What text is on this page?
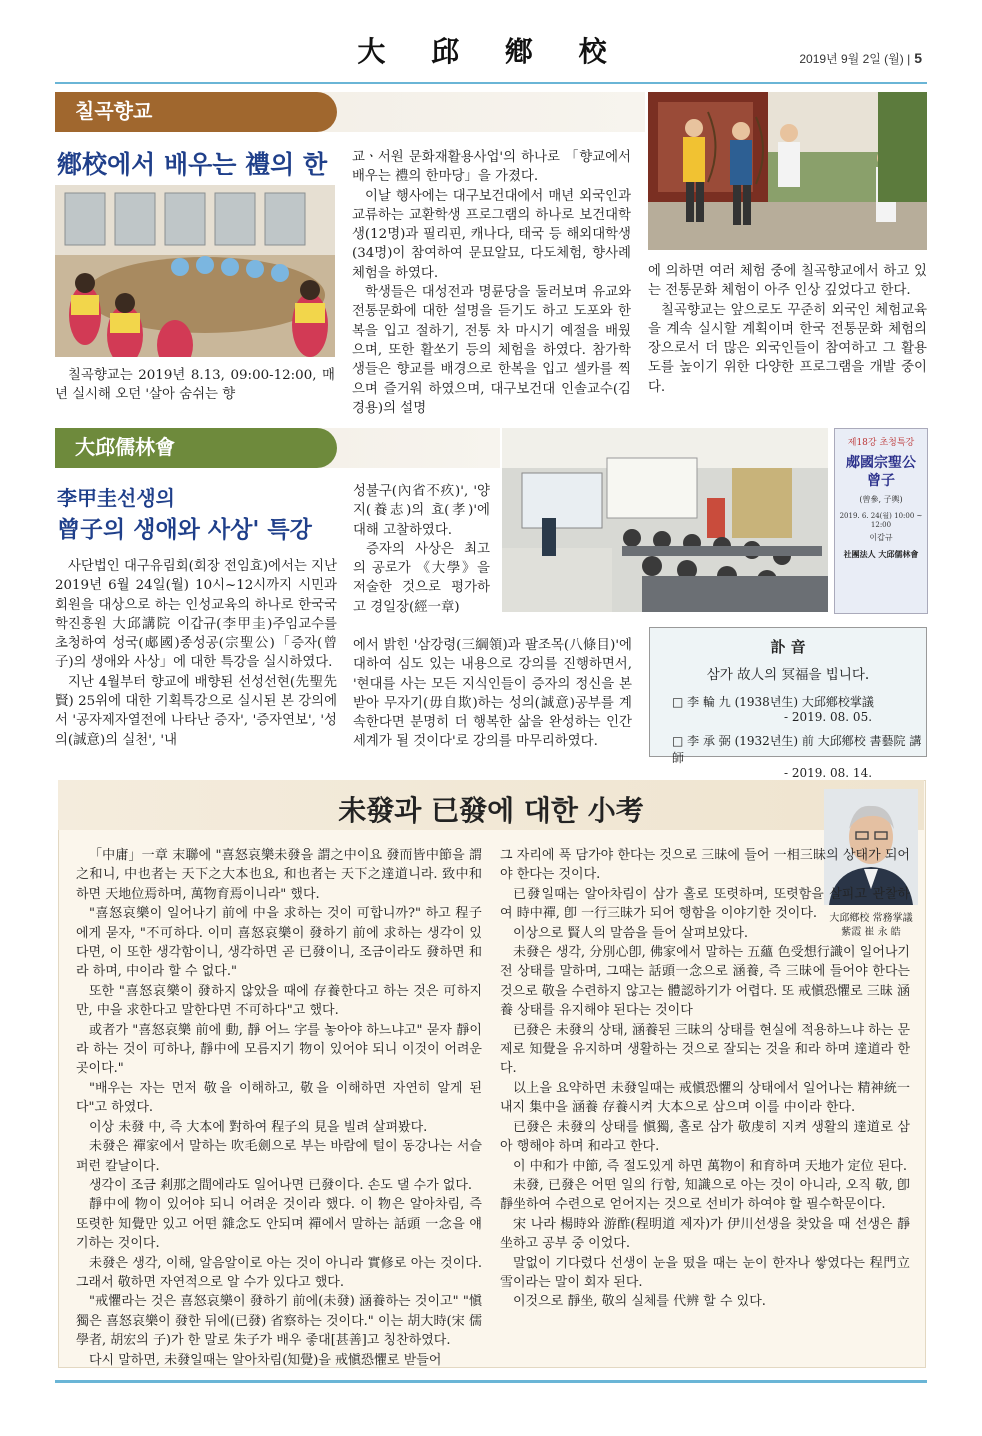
大 邱 鄕 校	2019년 9월 2일 (월) | 5
칠곡향교
鄕校에서 배우는 禮의 한

칠곡향교는 2019년 8.13, 09:00-12:00, 매년 실시해 오던 '살아 숨쉬는 향

교ㆍ서원 문화재활용사업'의 하나로 「향교에서 배우는 禮의 한마당」을 가졌다.

이날 행사에는 대구보건대에서 매년 외국인과 교류하는 교환학생 프로그램의 하나로 보건대학생(12명)과 필리핀, 캐나다, 태국 등 해외대학생(34명)이 참여하여 문묘알묘, 다도체험, 향사례 체험을 하였다.

학생들은 대성전과 명륜당을 둘러보며 유교와 전통문화에 대한 설명을 듣기도 하고 도포와 한복을 입고 절하기, 전통 차 마시기 예절을 배웠으며, 또한 활쏘기 등의 체험을 하였다. 참가학생들은 향교를 배경으로 한복을 입고 셀카를 찍으며 즐거워 하였으며, 대구보건대 인솔교수(김경용)의 설명

에 의하면 여러 체험 중에 칠곡향교에서 하고 있는 전통문화 체험이 아주 인상 깊었다고 한다.

칠곡향교는 앞으로도 꾸준히 외국인 체험교육을 계속 실시할 계획이며 한국 전통문화 체험의 장으로서 더 많은 외국인들이 참여하고 그 활용도를 높이기 위한 다양한 프로그램을 개발 중이다.

大邱儒林會
李甲圭선생의
曾子의 생애와 사상' 특강

사단법인 대구유림회(회장 전임효)에서는 지난 2019년 6월 24일(월) 10시~12시까지 시민과 회원을 대상으로 하는 인성교육의 하나로 한국국학진흥원 大邱講院 이갑규(李甲圭)주임교수를 초청하여 성국(郕國)종성공(宗聖公)「증자(曾子)의 생애와 사상」에 대한 특강을 실시하였다.

지난 4월부터 향교에 배향된 선성선현(先聖先賢) 25위에 대한 기획특강으로 실시된 본 강의에서 '공자제자열전에 나타난 증자', '증자연보', '성의(誠意)의 실천', '내

성불구(內省不疚)', '양지(養志)의 효(孝)'에 대해 고찰하였다.

증자의 사상은 최고의 공로가 《大學》을 저술한 것으로 평가하고 경일장(經一章)

에서 밝힌 '삼강령(三綱領)과 팔조목(八條目)'에 대하여 심도 있는 내용으로 강의를 진행하면서, '현대를 사는 모든 지식인들이 증자의 정신을 본받아 무자기(毋自欺)하는 성의(誠意)공부를 계속한다면 분명히 더 행복한 삶을 완성하는 인간세계가 될 것이다'로 강의를 마무리하였다.

제18강 초청특강
郕國宗聖公 曾子
(曾參, 子輿)
2019. 6. 24(월) 10:00 ~ 12:00
이갑규
社團法人 大邱儒林會
訃 音
삼가 故人의 冥福을 빕니다.
□ 李 輪 九 (1938년生) 大邱鄕校掌議
- 2019. 08. 05.
□ 李 承 弼 (1932년生) 前 大邱鄕校 書藝院 講師
- 2019. 08. 14.
未發과 已發에 대한 小考
大邱鄕校 常務掌議
紫霞 崔 永 皓

「中庸」一章 末聯에 "喜怒哀樂未發을 謂之中이요 發而皆中節을 謂之和니, 中也者는 天下之大本也요, 和也者는 天下之達道니라. 致中和하면 天地位焉하며, 萬物育焉이니라" 했다.

"喜怒哀樂이 일어나기 前에 中을 求하는 것이 可합니까?" 하고 程子에게 묻자, "不可하다. 이미 喜怒哀樂이 發하기 前에 求하는 생각이 있다면, 이 또한 생각함이니, 생각하면 곧 已發이니, 조금이라도 發하면 和라 하며, 中이라 할 수 없다."

또한 "喜怒哀樂이 發하지 않았을 때에 存養한다고 하는 것은 可하지만, 中을 求한다고 말한다면 不可하다"고 했다.

或者가 "喜怒哀樂 前에 動, 靜 어느 字를 놓아야 하느냐고" 묻자 靜이라 하는 것이 可하나, 靜中에 모름지기 物이 있어야 되니 이것이 어려운 곳이다."

"배우는 자는 먼저 敬을 이해하고, 敬을 이해하면 자연히 알게 된다"고 하였다.

이상 未發 中, 즉 大本에 對하여 程子의 見을 빌려 살펴봤다.

未發은 禪家에서 말하는 吹毛劍으로 부는 바람에 털이 동강나는 서슬 퍼런 칼날이다.

생각이 조금 剎那之間에라도 일어나면 已發이다. 손도 댈 수가 없다.

靜中에 物이 있어야 되니 어려운 것이라 했다. 이 物은 알아차림, 즉 또렷한 知覺만 있고 어떤 雜念도 안되며 禪에서 말하는 話頭 一念을 얘기하는 것이다.

未發은 생각, 이해, 알음알이로 아는 것이 아니라 實修로 아는 것이다. 그래서 敬하면 자연적으로 알 수가 있다고 했다.

"戒懼라는 것은 喜怒哀樂이 發하기 前에(未發) 涵養하는 것이고" "愼獨은 喜怒哀樂이 發한 뒤에(已發) 省察하는 것이다." 이는 胡大時(宋 儒學者, 胡宏의 子)가 한 말로 朱子가 배우 좋대[甚善]고 칭찬하였다.

다시 말하면, 未發일때는 알아차림(知覺)을 戒愼恐懼로 받들어

그 자리에 푹 담가야 한다는 것으로 三昧에 들어 一相三昧의 상태가 되어야 한다는 것이다.

已發일때는 알아차림이 삼가 홀로 또렷하며, 또렷함을 살피고 관찰하여 時中禪, 卽 一行三昧가 되어 행함을 이야기한 것이다.

이상으로 賢人의 말씀을 들어 살펴보았다.

未發은 생각, 分別心卽, 佛家에서 말하는 五蘊 色受想行識이 일어나기 전 상태를 말하며, 그때는 話頭一念으로 涵養, 즉 三昧에 들어야 한다는 것으로 敬을 수련하지 않고는 體認하기가 어렵다. 또 戒愼恐懼로 三昧 涵養 상태를 유지해야 된다는 것이다

已發은 未發의 상태, 涵養된 三昧의 상태를 현실에 적용하느냐 하는 문제로 知覺을 유지하며 생활하는 것으로 잘되는 것을 和라 하며 達道라 한다.

以上을 요약하면 未發일때는 戒愼恐懼의 상태에서 일어나는 精神統一 내지 集中을 涵養 存養시켜 大本으로 삼으며 이를 中이라 한다.

已發은 未發의 상태를 愼獨, 홀로 삼가 敬虔히 지켜 생활의 達道로 삼아 행해야 하며 和라고 한다.

이 中和가 中節, 즉 절도있게 하면 萬物이 和育하며 天地가 定位 된다.

未發, 已發은 어떤 일의 行함, 知識으로 아는 것이 아니라, 오직 敬, 卽 靜坐하여 수련으로 얻어지는 것으로 선비가 하여야 할 필수학문이다.

宋 나라 楊時와 游酢(程明道 제자)가 伊川선생을 찾았을 때 선생은 靜坐하고 공부 중 이었다.

말없이 기다렸다 선생이 눈을 떴을 때는 눈이 한자나 쌓였다는 程門立雪이라는 말이 회자 된다.

이것으로 靜坐, 敬의 실체를 代辨 할 수 있다.
